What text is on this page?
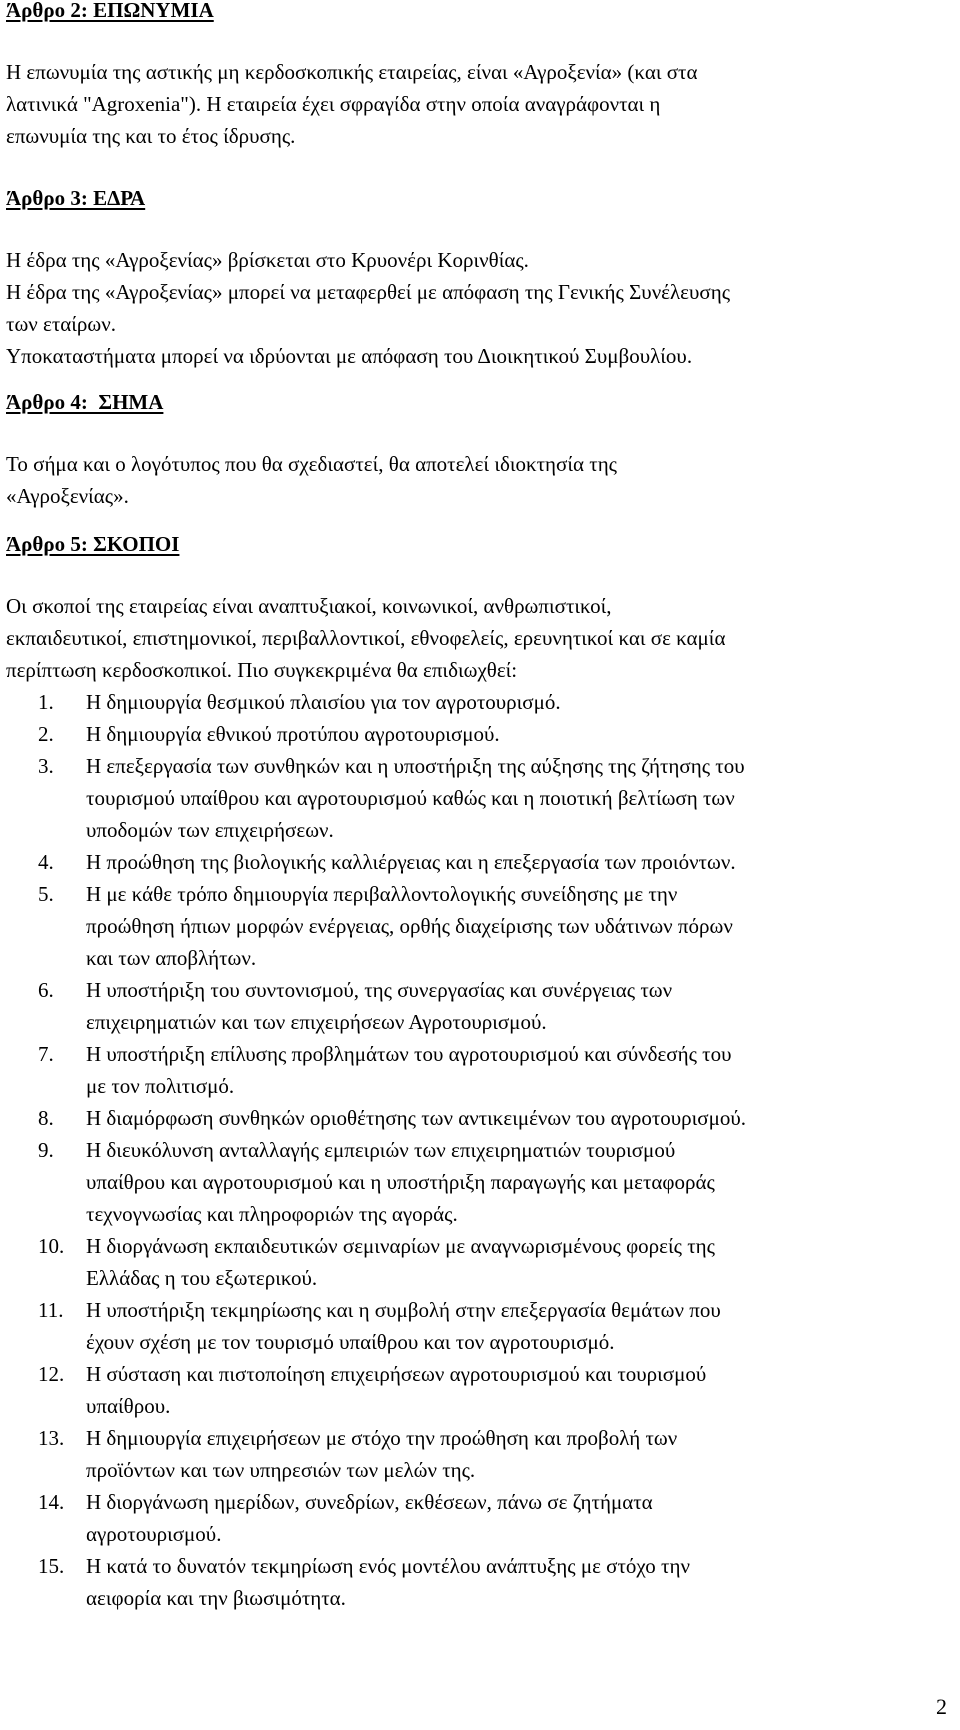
Άρθρο 2: ΕΠΩΝΥΜΙΑ

Η επωνυμία της αστικής μη κερδοσκοπικής εταιρείας, είναι «Αγροξενία» (και στα
λατινικά "Agroxenia"). Η εταιρεία έχει σφραγίδα στην οποία αναγράφονται η
επωνυμία της και το έτος ίδρυσης.

Άρθρο 3: ΕΔΡΑ

Η έδρα της «Αγροξενίας» βρίσκεται στο Κρυονέρι Κορινθίας.
Η έδρα της «Αγροξενίας» μπορεί να μεταφερθεί με απόφαση της Γενικής Συνέλευσης
των εταίρων.
Υποκαταστήματα μπορεί να ιδρύονται με απόφαση του Διοικητικού Συμβουλίου.

Άρθρο 4:  ΣΗΜΑ

Το σήμα και ο λογότυπος που θα σχεδιαστεί, θα αποτελεί ιδιοκτησία της
«Αγροξενίας».

Άρθρο 5: ΣΚΟΠΟΙ

Οι σκοποί της εταιρείας είναι αναπτυξιακοί, κοινωνικοί, ανθρωπιστικοί,
εκπαιδευτικοί, επιστημονικοί, περιβαλλοντικοί, εθνοφελείς, ερευνητικοί και σε καμία
περίπτωση κερδοσκοπικοί. Πιο συγκεκριμένα θα επιδιωχθεί:

1.	Η δημιουργία θεσμικού πλαισίου για τον αγροτουρισμό.
2.	Η δημιουργία εθνικού προτύπου αγροτουρισμού.
3.	Η επεξεργασία των συνθηκών και η υποστήριξη της αύξησης της ζήτησης του
τουρισμού υπαίθρου και αγροτουρισμού καθώς και η ποιοτική βελτίωση των
υποδομών των επιχειρήσεων.
4.	Η προώθηση της βιολογικής καλλιέργειας και η επεξεργασία των προιόντων.
5.	Η με κάθε τρόπο δημιουργία περιβαλλοντολογικής συνείδησης με την
προώθηση ήπιων μορφών ενέργειας, ορθής διαχείρισης των υδάτινων πόρων
και των αποβλήτων.
6.	Η υποστήριξη του συντονισμού, της συνεργασίας και συνέργειας των
επιχειρηματιών και των επιχειρήσεων Αγροτουρισμού.
7.	Η υποστήριξη επίλυσης προβλημάτων του αγροτουρισμού και σύνδεσής του
με τον πολιτισμό.
8.	Η διαμόρφωση συνθηκών οριοθέτησης των αντικειμένων του αγροτουρισμού.
9.	Η διευκόλυνση ανταλλαγής εμπειριών των επιχειρηματιών τουρισμού
υπαίθρου και αγροτουρισμού και η υποστήριξη παραγωγής και μεταφοράς
τεχνογνωσίας και πληροφοριών της αγοράς.
10.	Η διοργάνωση εκπαιδευτικών σεμιναρίων με αναγνωρισμένους φορείς της
Ελλάδας η του εξωτερικού.
11.	Η υποστήριξη τεκμηρίωσης και η συμβολή στην επεξεργασία θεμάτων που
έχουν σχέση με τον τουρισμό υπαίθρου και τον αγροτουρισμό.
12.	Η σύσταση και πιστοποίηση επιχειρήσεων αγροτουρισμού και τουρισμού
υπαίθρου.
13.	Η δημιουργία επιχειρήσεων με στόχο την προώθηση και προβολή των
προϊόντων και των υπηρεσιών των μελών της.
14.	Η διοργάνωση ημερίδων, συνεδρίων, εκθέσεων, πάνω σε ζητήματα
αγροτουρισμού.
15.	Η κατά το δυνατόν τεκμηρίωση ενός μοντέλου ανάπτυξης με στόχο την
αειφορία και την βιωσιμότητα.
2
